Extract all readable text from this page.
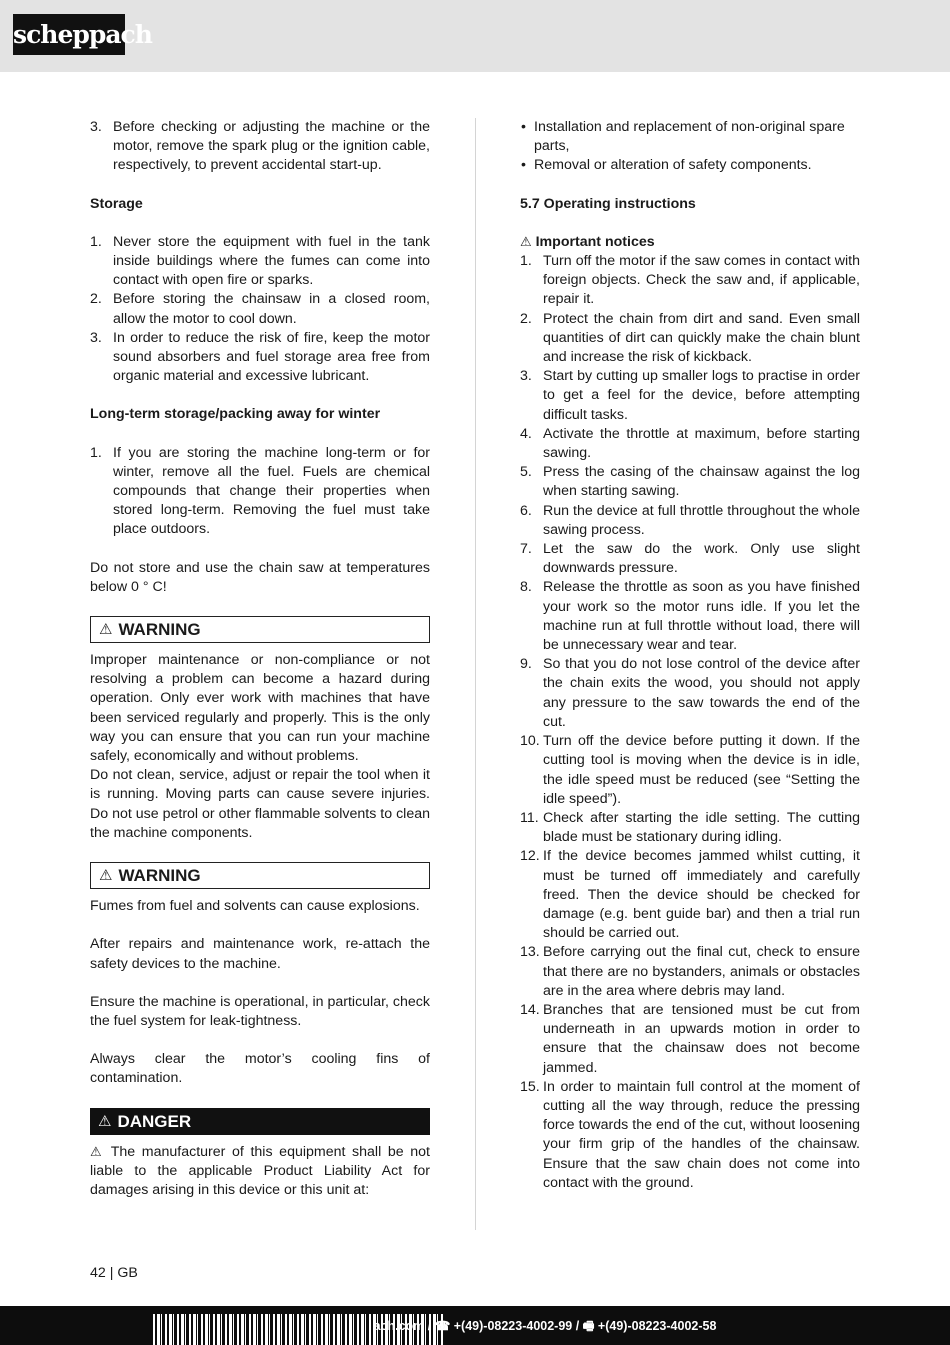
scheppach
3. Before checking or adjusting the machine or the motor, remove the spark plug or the ignition cable, respectively, to prevent accidental start-up.
Storage
1. Never store the equipment with fuel in the tank inside buildings where the fumes can come into contact with open fire or sparks.
2. Before storing the chainsaw in a closed room, allow the motor to cool down.
3. In order to reduce the risk of fire, keep the motor sound absorbers and fuel storage area free from organic material and excessive lubricant.
Long-term storage/packing away for winter
1. If you are storing the machine long-term or for winter, remove all the fuel. Fuels are chemical compounds that change their properties when stored long-term. Removing the fuel must take place outdoors.

Do not store and use the chain saw at temperatures below 0 ° C!

⚠ WARNING

Improper maintenance or non-compliance or not resolving a problem can become a hazard during operation. Only ever work with machines that have been serviced regularly and properly. This is the only way you can ensure that you can run your machine safely, economically and without problems.

Do not clean, service, adjust or repair the tool when it is running. Moving parts can cause severe injuries. Do not use petrol or other flammable solvents to clean the machine components.

⚠ WARNING

Fumes from fuel and solvents can cause explosions.

After repairs and maintenance work, re-attach the safety devices to the machine.

Ensure the machine is operational, in particular, check the fuel system for leak-tightness.

Always clear the motor’s cooling fins of contamination.

⚠ DANGER

⚠ The manufacturer of this equipment shall be not liable to the applicable Product Liability Act for damages arising in this device or this unit at:

• Installation and replacement of non-original spare parts,
• Removal or alteration of safety components.
5.7 Operating instructions
⚠ Important notices
1. Turn off the motor if the saw comes in contact with foreign objects. Check the saw and, if applicable, repair it.
2. Protect the chain from dirt and sand. Even small quantities of dirt can quickly make the chain blunt and increase the risk of kickback.
3. Start by cutting up smaller logs to practise in order to get a feel for the device, before attempting difficult tasks.
4. Activate the throttle at maximum, before starting sawing.
5. Press the casing of the chainsaw against the log when starting sawing.
6. Run the device at full throttle throughout the whole sawing process.
7. Let the saw do the work. Only use slight downwards pressure.
8. Release the throttle as soon as you have finished your work so the motor runs idle. If you let the machine run at full throttle without load, there will be unnecessary wear and tear.
9. So that you do not lose control of the device after the chain exits the wood, you should not apply any pressure to the saw towards the end of the cut.
10. Turn off the device before putting it down. If the cutting tool is moving when the device is in idle, the idle speed must be reduced (see “Setting the idle speed”).
11. Check after starting the idle setting. The cutting blade must be stationary during idling.
12. If the device becomes jammed whilst cutting, it must be turned off immediately and carefully freed. Then the device should be checked for damage (e.g. bent guide bar) and then a trial run should be carried out.
13. Before carrying out the final cut, check to ensure that there are no bystanders, animals or obstacles are in the area where debris may land.
14. Branches that are tensioned must be cut from underneath in an upwards motion in order to ensure that the chainsaw does not become jammed.
15. In order to maintain full control at the moment of cutting all the way through, reduce the pressing force towards the end of the cut, without loosening your firm grip of the handles of the chainsaw. Ensure that the saw chain does not come into contact with the ground.
42 | GB
ach.com / ☎ +(49)-08223-4002-99 / 🖷 +(49)-08223-4002-58
